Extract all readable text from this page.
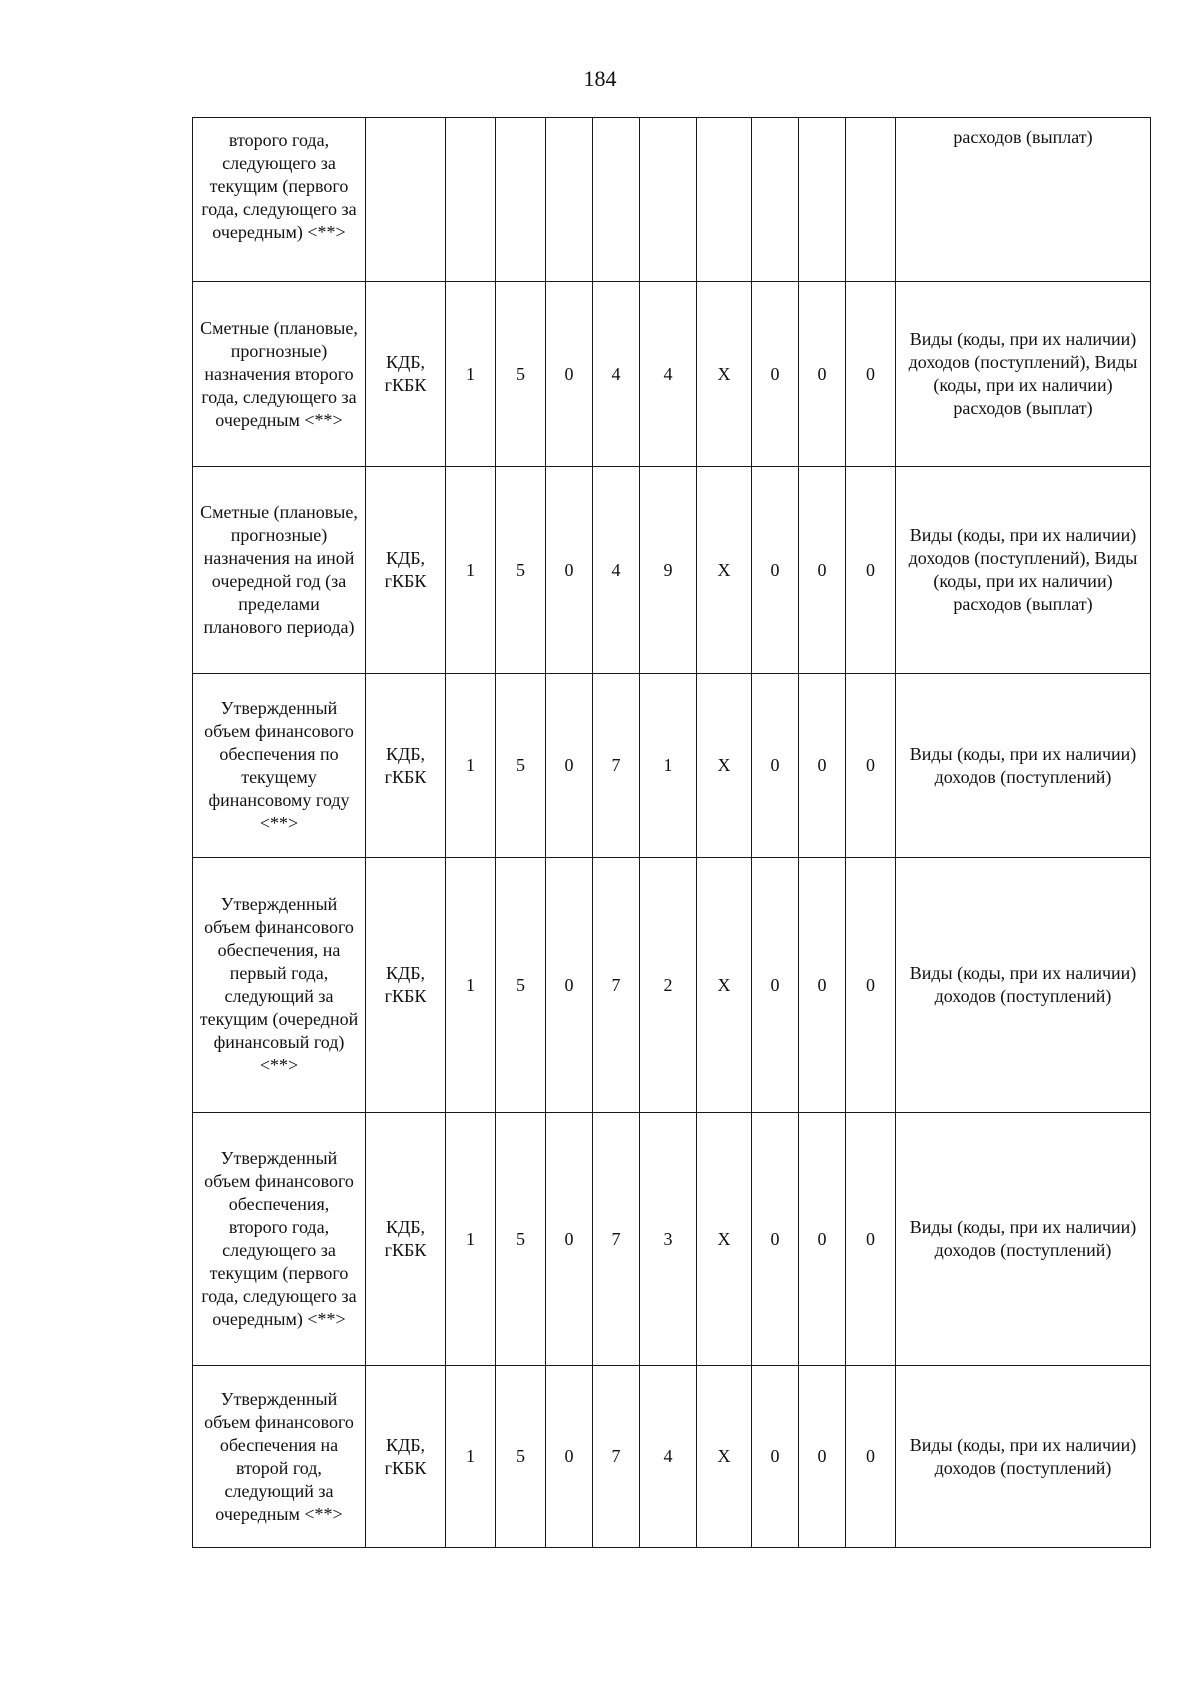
184
второго года, следующего за текущим (первого года, следующего за очередным) <**>											расходов (выплат)
Сметные (плановые, прогнозные) назначения второго года, следующего за очередным <**>	КДБ, гКБК	1	5	0	4	4	X	0	0	0	Виды (коды, при их наличии) доходов (поступлений), Виды (коды, при их наличии) расходов (выплат)
Сметные (плановые, прогнозные) назначения на иной очередной год (за пределами планового периода)	КДБ, гКБК	1	5	0	4	9	X	0	0	0	Виды (коды, при их наличии) доходов (поступлений), Виды (коды, при их наличии) расходов (выплат)
Утвержденный объем финансового обеспечения по текущему финансовому году <**>	КДБ, гКБК	1	5	0	7	1	X	0	0	0	Виды (коды, при их наличии) доходов (поступлений)
Утвержденный объем финансового обеспечения, на первый года, следующий за текущим (очередной финансовый год) <**>	КДБ, гКБК	1	5	0	7	2	X	0	0	0	Виды (коды, при их наличии) доходов (поступлений)
Утвержденный объем финансового обеспечения, второго года, следующего за текущим (первого года, следующего за очередным) <**>	КДБ, гКБК	1	5	0	7	3	X	0	0	0	Виды (коды, при их наличии) доходов (поступлений)
Утвержденный объем финансового обеспечения на второй год, следующий за очередным <**>	КДБ, гКБК	1	5	0	7	4	X	0	0	0	Виды (коды, при их наличии) доходов (поступлений)
